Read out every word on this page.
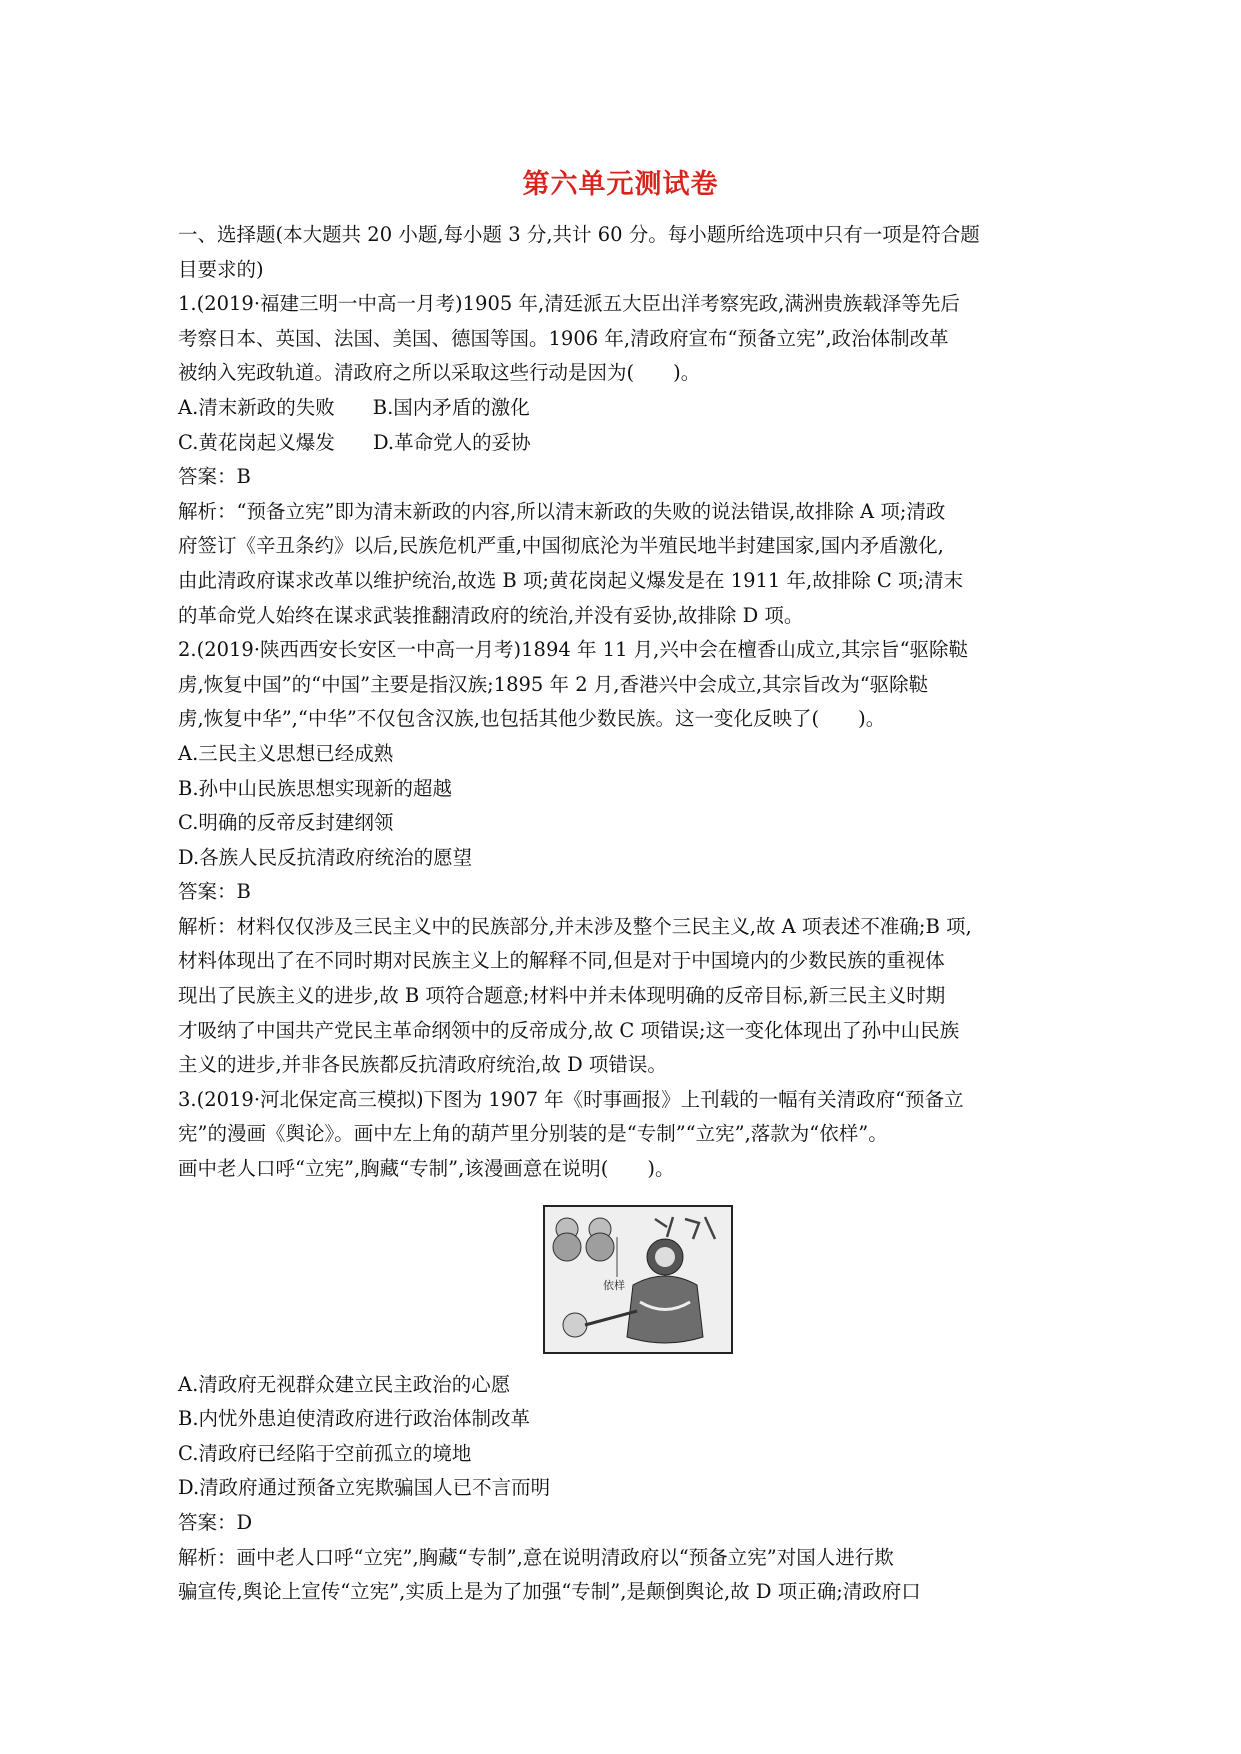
第六单元测试卷
一、选择题(本大题共 20 小题,每小题 3 分,共计 60 分。每小题所给选项中只有一项是符合题
目要求的)
1.(2019·福建三明一中高一月考)1905 年,清廷派五大臣出洋考察宪政,满洲贵族载泽等先后
考察日本、英国、法国、美国、德国等国。1906 年,清政府宣布“预备立宪”,政治体制改革
被纳入宪政轨道。清政府之所以采取这些行动是因为(　　)。
A.清末新政的失败 B.国内矛盾的激化
C.黄花岗起义爆发 D.革命党人的妥协
答案：B
解析：“预备立宪”即为清末新政的内容,所以清末新政的失败的说法错误,故排除 A 项;清政
府签订《辛丑条约》以后,民族危机严重,中国彻底沦为半殖民地半封建国家,国内矛盾激化,
由此清政府谋求改革以维护统治,故选 B 项;黄花岗起义爆发是在 1911 年,故排除 C 项;清末
的革命党人始终在谋求武装推翻清政府的统治,并没有妥协,故排除 D 项。
2.(2019·陕西西安长安区一中高一月考)1894 年 11 月,兴中会在檀香山成立,其宗旨“驱除鞑
虏,恢复中国”的“中国”主要是指汉族;1895 年 2 月,香港兴中会成立,其宗旨改为“驱除鞑
虏,恢复中华”,“中华”不仅包含汉族,也包括其他少数民族。这一变化反映了(　　)。
A.三民主义思想已经成熟
B.孙中山民族思想实现新的超越
C.明确的反帝反封建纲领
D.各族人民反抗清政府统治的愿望
答案：B
解析：材料仅仅涉及三民主义中的民族部分,并未涉及整个三民主义,故 A 项表述不准确;B 项,
材料体现出了在不同时期对民族主义上的解释不同,但是对于中国境内的少数民族的重视体
现出了民族主义的进步,故 B 项符合题意;材料中并未体现明确的反帝目标,新三民主义时期
才吸纳了中国共产党民主革命纲领中的反帝成分,故 C 项错误;这一变化体现出了孙中山民族
主义的进步,并非各民族都反抗清政府统治,故 D 项错误。
3.(2019·河北保定高三模拟)下图为 1907 年《时事画报》上刊载的一幅有关清政府“预备立
宪”的漫画《舆论》。画中左上角的葫芦里分别装的是“专制”“立宪”,落款为“依样”。
画中老人口呼“立宪”,胸藏“专制”,该漫画意在说明(　　)。
依样
A.清政府无视群众建立民主政治的心愿
B.内忧外患迫使清政府进行政治体制改革
C.清政府已经陷于空前孤立的境地
D.清政府通过预备立宪欺骗国人已不言而明
答案：D
解析：画中老人口呼“立宪”,胸藏“专制”,意在说明清政府以“预备立宪”对国人进行欺
骗宣传,舆论上宣传“立宪”,实质上是为了加强“专制”,是颠倒舆论,故 D 项正确;清政府口
